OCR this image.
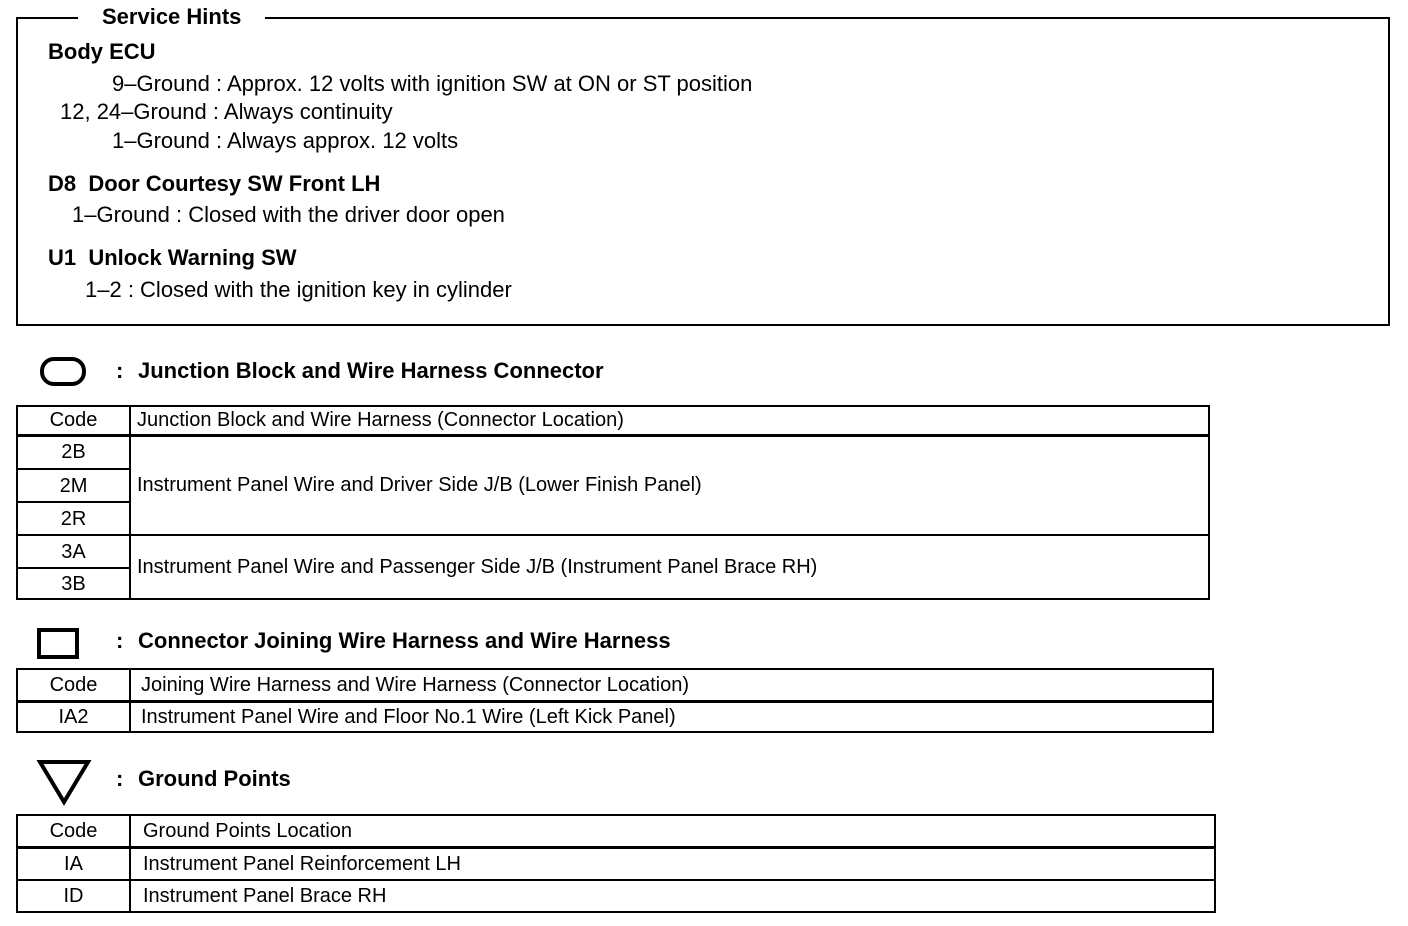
Service Hints
Body ECU
9–Ground : Approx. 12 volts with ignition SW at ON or ST position
12, 24–Ground : Always continuity
1–Ground : Always approx. 12 volts
D8  Door Courtesy SW Front LH
1–Ground : Closed with the driver door open
U1  Unlock Warning SW
1–2 : Closed with the ignition key in cylinder
: Junction Block and Wire Harness Connector
Code	Junction Block and Wire Harness (Connector Location)
2B	Instrument Panel Wire and Driver Side J/B (Lower Finish Panel)
2M	
2R	
3A	Instrument Panel Wire and Passenger Side J/B (Instrument Panel Brace RH)
3B	
: Connector Joining Wire Harness and Wire Harness
Code	Joining Wire Harness and Wire Harness (Connector Location)
IA2	Instrument Panel Wire and Floor No.1 Wire (Left Kick Panel)
: Ground Points
Code	Ground Points Location
IA	Instrument Panel Reinforcement LH
ID	Instrument Panel Brace RH
